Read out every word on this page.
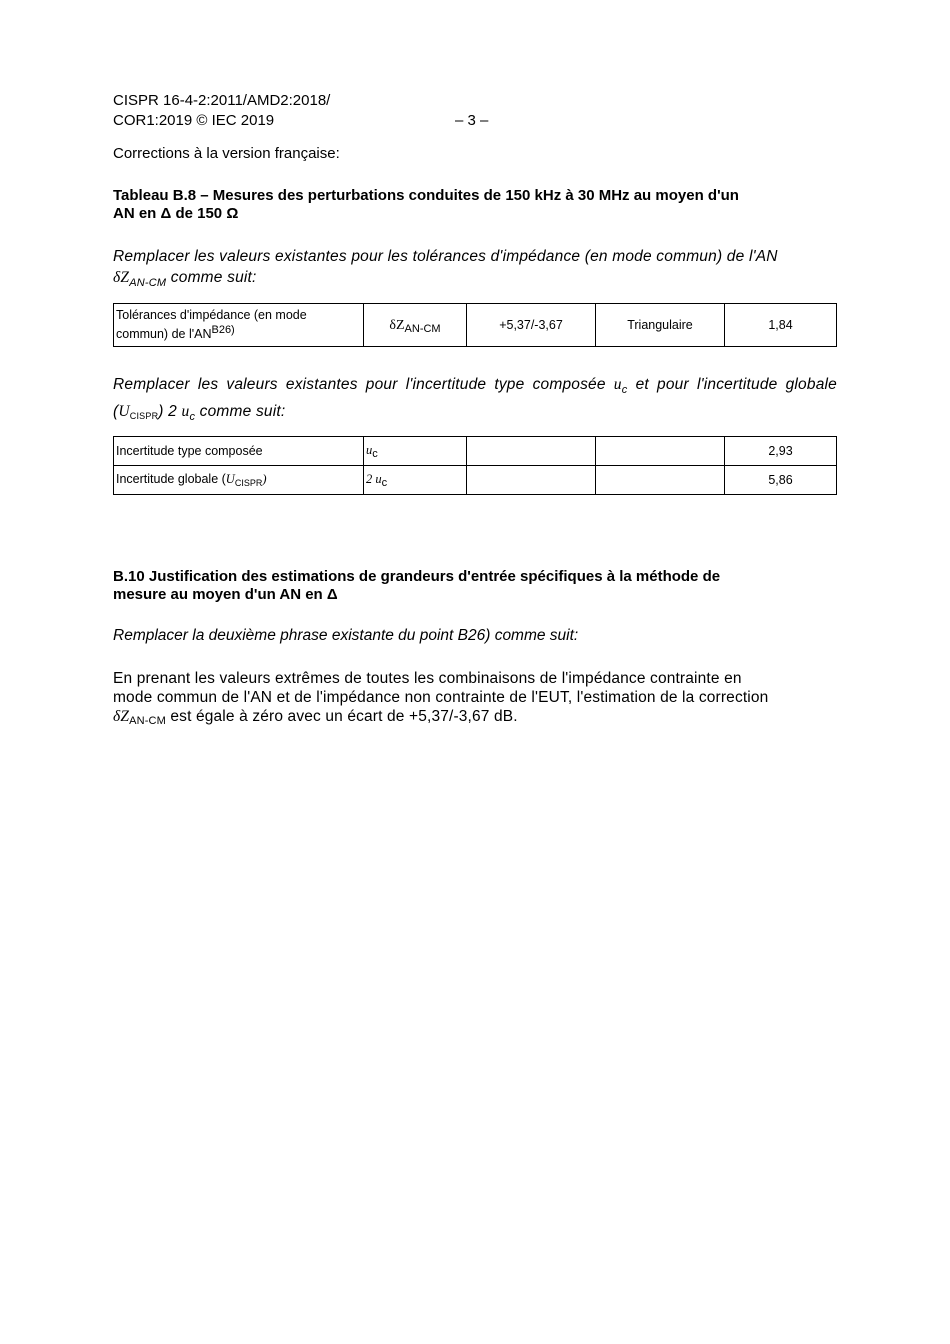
CISPR 16-4-2:2011/AMD2:2018/
COR1:2019 © IEC 2019	– 3 –

Corrections à la version française:

Tableau B.8 – Mesures des perturbations conduites de 150 kHz à 30 MHz au moyen d'un
AN en Δ de 150 Ω
Remplacer les valeurs existantes pour les tolérances d'impédance (en mode commun) de l'AN
$\delta Z_{AN-CM}$ comme suit:
Tolérances d'impédance (en mode
commun) de $l'AN^{B26)}$	$\delta Z_{AN-CM}$	+5,37/-3,67	Triangulaire	1,84
Remplacer les valeurs existantes pour l'incertitude type composée $u_c$ et pour l'incertitude globale $(U_{CISPR})$ 2 $u_c$ comme suit:
Incertitude type composée	$u_c$			2,93
Incertitude globale $(U_{CISPR})$	2 $u_c$			5,86
B.10 Justification des estimations de grandeurs d'entrée spécifiques à la méthode de
mesure au moyen d'un AN en Δ
Remplacer la deuxième phrase existante du point B26) comme suit:
En prenant les valeurs extrêmes de toutes les combinaisons de l'impédance contrainte en
mode commun de l'AN et de l'impédance non contrainte de l'EUT, l'estimation de la correction
$\delta Z_{AN-CM}$ est égale à zéro avec un écart de +5,37/-3,67 dB.
